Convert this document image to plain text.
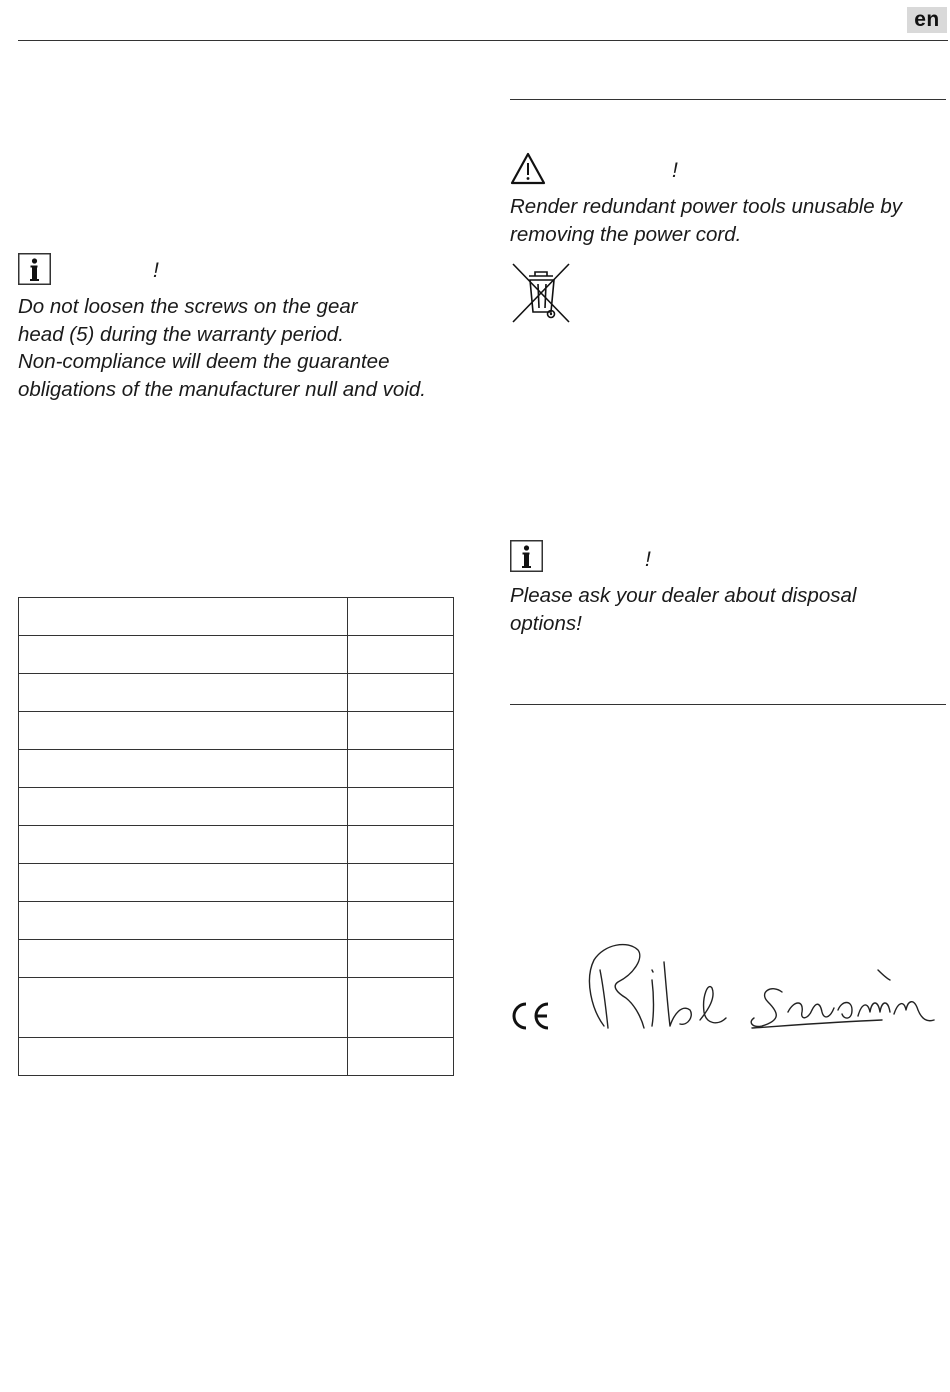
en
!
Do not loosen the screws on the gear
head (5) during the warranty period.
Non-compliance will deem the guarantee
obligations of the manufacturer null and void.

!
Render redundant power tools unusable by
removing the power cord.
!
Please ask your dealer about disposal
options!
